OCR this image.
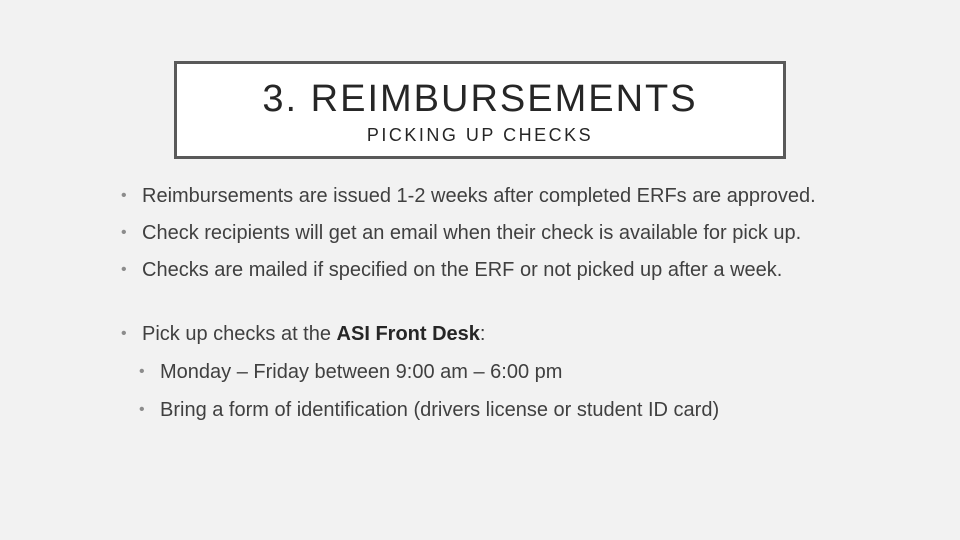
3. REIMBURSEMENTS
PICKING UP CHECKS
• Reimbursements are issued 1-2 weeks after completed ERFs are approved.
• Check recipients will get an email when their check is available for pick up.
• Checks are mailed if specified on the ERF or not picked up after a week.
• Pick up checks at the ASI Front Desk:
• Monday – Friday between 9:00 am – 6:00 pm
• Bring a form of identification (drivers license or student ID card)
